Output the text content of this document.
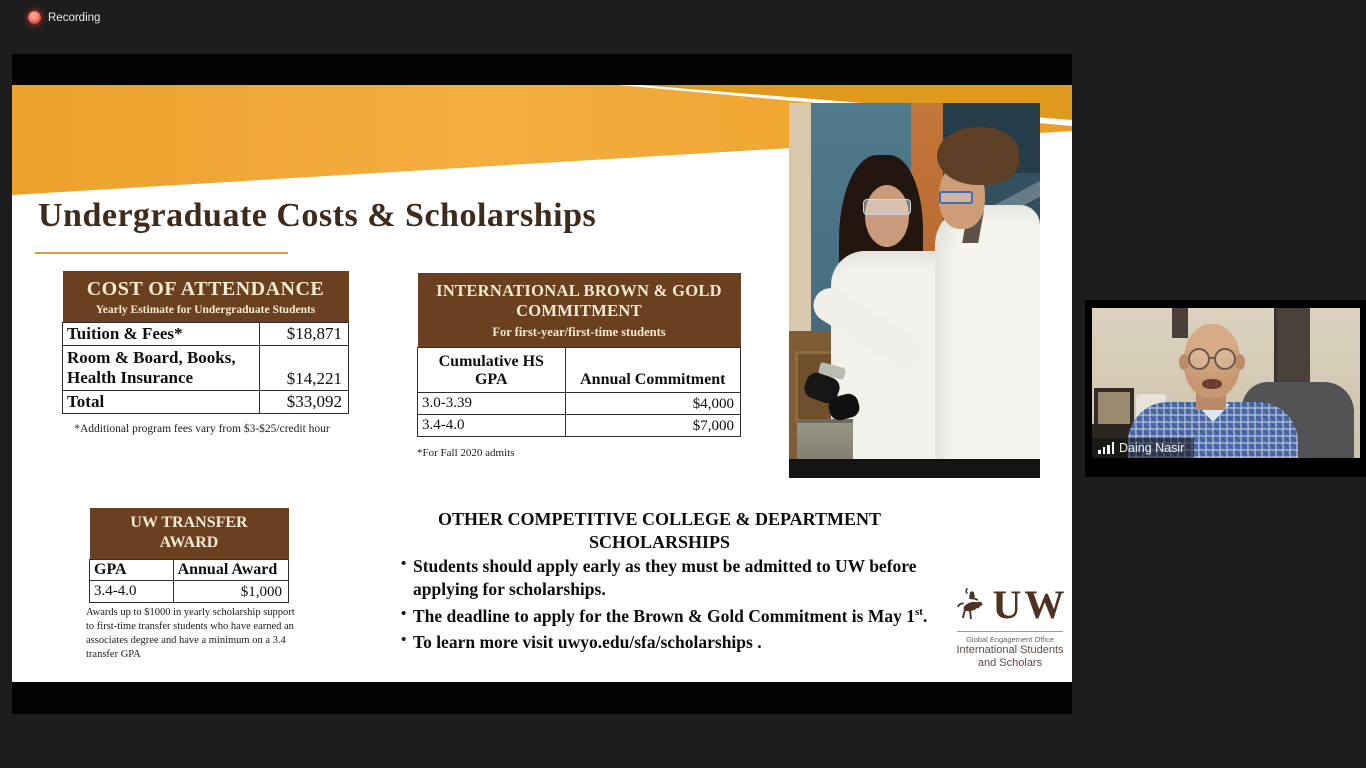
Recording
Undergraduate Costs & Scholarships
COST OF ATTENDANCE
Yearly Estimate for Undergraduate Students	

Tuition & Fees*	$18,871
Room & Board, Books, Health Insurance	$14,221
Total	$33,092
*Additional program fees vary from $3-$25/credit hour
INTERNATIONAL BROWN & GOLD COMMITMENT
For first-year/first-time students	

Cumulative HS GPA	Annual Commitment
3.0-3.39	$4,000
3.4-4.0	$7,000
*For Fall 2020 admits
UW TRANSFER AWARD	

GPA	Annual Award
3.4-4.0	$1,000
Awards up to $1000 in yearly scholarship support to first-time transfer students who have earned an associates degree and have a minimum on a 3.4 transfer GPA
OTHER COMPETITIVE COLLEGE & DEPARTMENT SCHOLARSHIPS
• Students should apply early as they must be admitted to UW before applying for scholarships.
• The deadline to apply for the Brown & Gold Commitment is May 1st.
• To learn more visit uwyo.edu/sfa/scholarships .
UW
Global Engagement Office
International Students
and Scholars
Daing Nasir
